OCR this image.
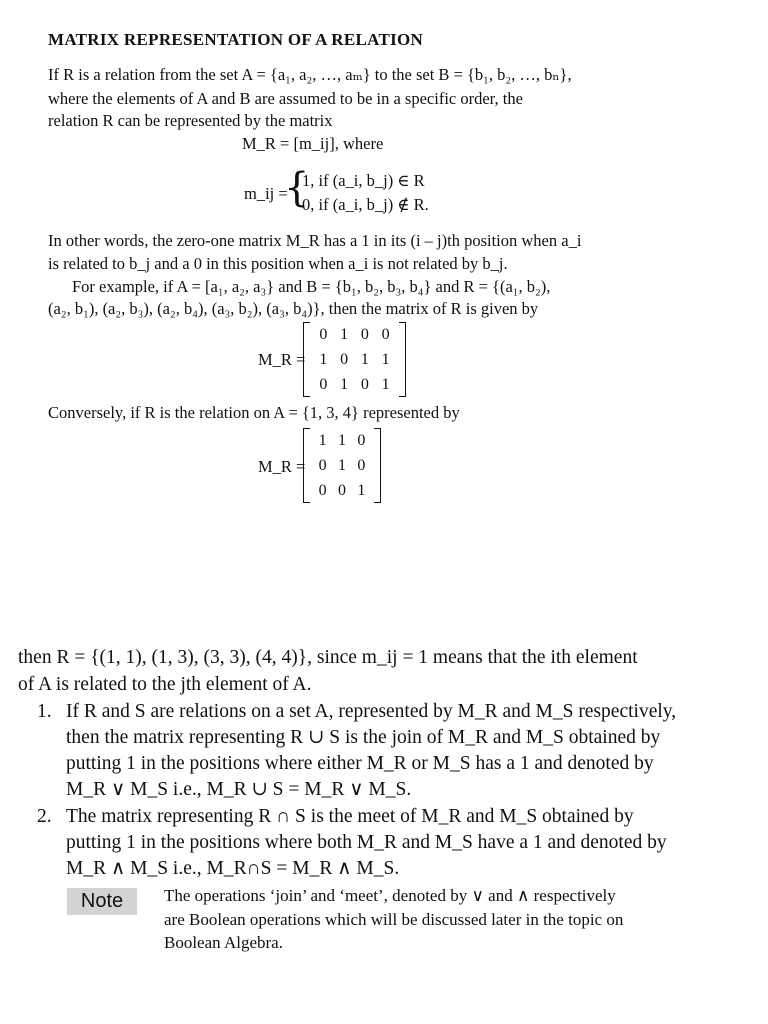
MATRIX REPRESENTATION OF A RELATION
If R is a relation from the set A = {a₁, a₂, …, aₘ} to the set B = {b₁, b₂, …, bₙ},
where the elements of A and B are assumed to be in a specific order, the
relation R can be represented by the matrix
M_R = [m_ij], where
m_ij =
{
1, if (a_i, b_j) ∈ R
0, if (a_i, b_j) ∉ R.
In other words, the zero-one matrix M_R has a 1 in its (i – j)th position when a_i
is related to b_j and a 0 in this position when a_i is not related by b_j.
For example, if A = [a₁, a₂, a₃} and B = {b₁, b₂, b₃, b₄} and R = {(a₁, b₂),
(a₂, b₁), (a₂, b₃), (a₂, b₄), (a₃, b₂), (a₃, b₄)}, then the matrix of R is given by
M_R =
0 1 0 0
1 0 1 1
0 1 0 1
Conversely, if R is the relation on A = {1, 3, 4} represented by
M_R =
1 1 0
0 1 0
0 0 1
then R = {(1, 1), (1, 3), (3, 3), (4, 4)}, since m_ij = 1 means that the ith element
of A is related to the jth element of A.
1. If R and S are relations on a set A, represented by M_R and M_S respectively,
then the matrix representing R ∪ S is the join of M_R and M_S obtained by
putting 1 in the positions where either M_R or M_S has a 1 and denoted by
M_R ∨ M_S i.e., M_R ∪ S = M_R ∨ M_S.
2. The matrix representing R ∩ S is the meet of M_R and M_S obtained by
putting 1 in the positions where both M_R and M_S have a 1 and denoted by
M_R ∧ M_S i.e., M_R∩S = M_R ∧ M_S.
Note	The operations ‘join’ and ‘meet’, denoted by ∨ and ∧ respectively
are Boolean operations which will be discussed later in the topic on
Boolean Algebra.
